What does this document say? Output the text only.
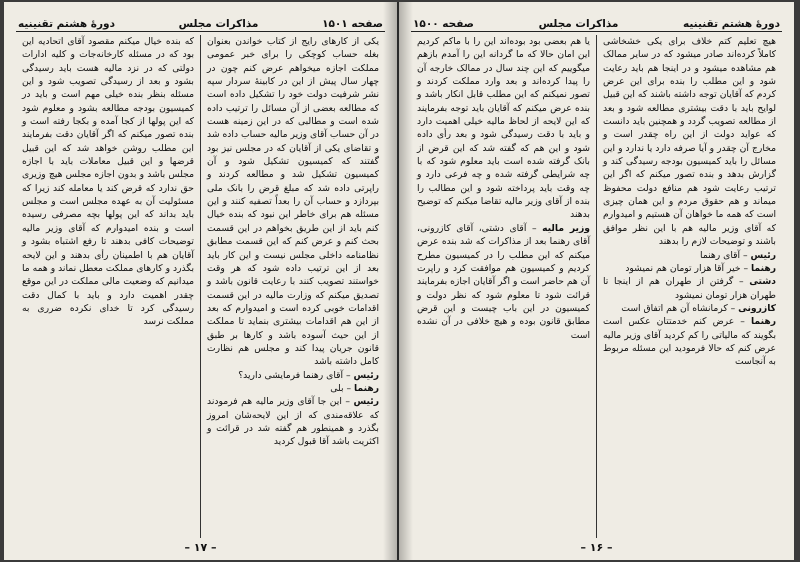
صفحه ۱۵۰۱
مذاکرات مجلس
دورهٔ هشتم تقنینیه

یکی از کارهای رایج از کتاب خواندن بعنوان بغله حساب کوچکی را برای خبر عمومی مملکت اجازه میخواهم عرض کنم چون در چهار سال پیش از این در کابینهٔ سردار سپه نشر شرفیت دولت خود را تشکیل داده است که مطالعه بعضی از آن مسائل را ترتیب داده شده است و مطالبی که در این زمینه هست در آن حساب آقای وزیر مالیه حساب داده شد و تقاضای یکی از آقایان که در مجلس نیز بود گفتند که کمیسیون تشکیل شود و آن کمیسیون تشکیل شد و مطالعه کردند و راپرتی داده شد که مبلغ قرض را بانک ملی بپردازد و حساب آن را بعداً تصفیه کنند و این مسئله هم برای خاطر این نبود که بنده خیال کنم باید از این طریق بخواهم در این قسمت بحث کنم و عرض کنم که این قسمت مطابق نظامنامه داخلی مجلس نیست و این کار باید بعد از این ترتیب داده شود که هر وقت خواستند تصویب کنند با رعایت قانون باشد و تصدیق میکنم که وزارت مالیه در این قسمت اقدامات خوبی کرده است و امیدوارم که بعد از این هم اقدامات بیشتری بنماید تا مملکت از این حیث آسوده باشد و کارها بر طبق قانون جریان پیدا کند و مجلس هم نظارت کامل داشته باشد

رئیس – آقای رهنما فرمایشی دارید؟

رهنما – بلی

رئیس – این جا آقای وزیر مالیه هم فرمودند که علاقه‌مندی که از این لایحه‌شان امروز بگذرد و همینطور هم گفته شد در قرائت و اکثریت باشد آقا قبول کردید

که بنده خیال میکنم مقصود آقای اتحادیه این بود که در مسئله کارخانه‌جات و کلیه ادارات دولتی که در نزد مالیه هست باید رسیدگی بشود و بعد از رسیدگی تصویب شود و این مسئله بنظر بنده خیلی مهم است و باید در کمیسیون بودجه مطالعه بشود و معلوم شود که این پولها از کجا آمده و بکجا رفته است و بنده تصور میکنم که اگر آقایان دقت بفرمایند این مطلب روشن خواهد شد که این قبیل قرضها و این قبیل معاملات باید با اجازه مجلس باشد و بدون اجازه مجلس هیچ وزیری حق ندارد که قرض کند یا معامله کند زیرا که مسئولیت آن به عهده مجلس است و مجلس باید بداند که این پولها بچه مصرفی رسیده است و بنده امیدوارم که آقای وزیر مالیه توضیحات کافی بدهند تا رفع اشتباه بشود و آقایان هم با اطمینان رأی بدهند و این لایحه بگذرد و کارهای مملکت معطل نماند و همه ما میدانیم که وضعیت مالی مملکت در این موقع چقدر اهمیت دارد و باید با کمال دقت رسیدگی کرد تا خدای نکرده ضرری به مملکت نرسد

– ۱۷ –
دورهٔ هشتم تقنینیه
مذاکرات مجلس
صفحه ۱۵۰۰

هیچ تعلیم کتم خلاف برای یکی خشخاشی کاملاً کرده‌اند صادر میشود که در سایر ممالک هم مشاهده میشود و در اینجا هم باید رعایت شود و این مطلب را بنده برای این عرض کردم که آقایان توجه داشته باشند که این قبیل لوایح باید با دقت بیشتری مطالعه شود و بعد از مطالعه تصویب گردد و همچنین باید دانست که عواید دولت از این راه چقدر است و مخارج آن چقدر و آیا صرفه دارد یا ندارد و این مسائل را باید کمیسیون بودجه رسیدگی کند و گزارش بدهد و بنده تصور میکنم که اگر این ترتیب رعایت شود هم منافع دولت محفوظ میماند و هم حقوق مردم و این همان چیزی است که همه ما خواهان آن هستیم و امیدوارم که آقای وزیر مالیه هم با این نظر موافق باشند و توضیحات لازم را بدهند

رئیس – آقای رهنما

رهنما – خیر آقا هزار تومان هم نمیشود

دشتی – گرفتن از طهران هم از اینجا تا طهران هزار تومان نمیشود

کازرونی – کرمانشاه آن هم اتفاق است

رهنما – عرض کنم خدمتتان عکس است بگویند که مالیاتی را کم کردید آقای وزیر مالیه عرض کنم که حالا فرمودید این مسئله مربوط به آنجاست

یا هم بعضی بود بوده‌اند این را با ماکم کردیم این امان حالا که ما گردانه این را آمدم بازهم میگوییم که این چند سال در ممالک خارجه آن را پیدا کرده‌اند و بعد وارد مملکت کردند و تصور نمیکنم که این مطلب قابل انکار باشد و بنده عرض میکنم که آقایان باید توجه بفرمایند که این لایحه از لحاظ مالیه خیلی اهمیت دارد و باید با دقت رسیدگی شود و بعد رأی داده شود و این هم که گفته شد که این قرض از بانک گرفته شده است باید معلوم شود که با چه شرایطی گرفته شده و چه فرعی دارد و چه وقت باید پرداخته شود و این مطالب را بنده از آقای وزیر مالیه تقاضا میکنم که توضیح بدهند

وزیر مالیه – آقای دشتی، آقای کازرونی، آقای رهنما بعد از مذاکرات که شد بنده عرض میکنم که این مطلب را در کمیسیون مطرح کردیم و کمیسیون هم موافقت کرد و راپرت آن هم حاضر است و اگر آقایان اجازه بفرمایند قرائت شود تا معلوم شود که نظر دولت و کمیسیون در این باب چیست و این قرض مطابق قانون بوده و هیچ خلافی در آن نشده است

– ۱۶ –
